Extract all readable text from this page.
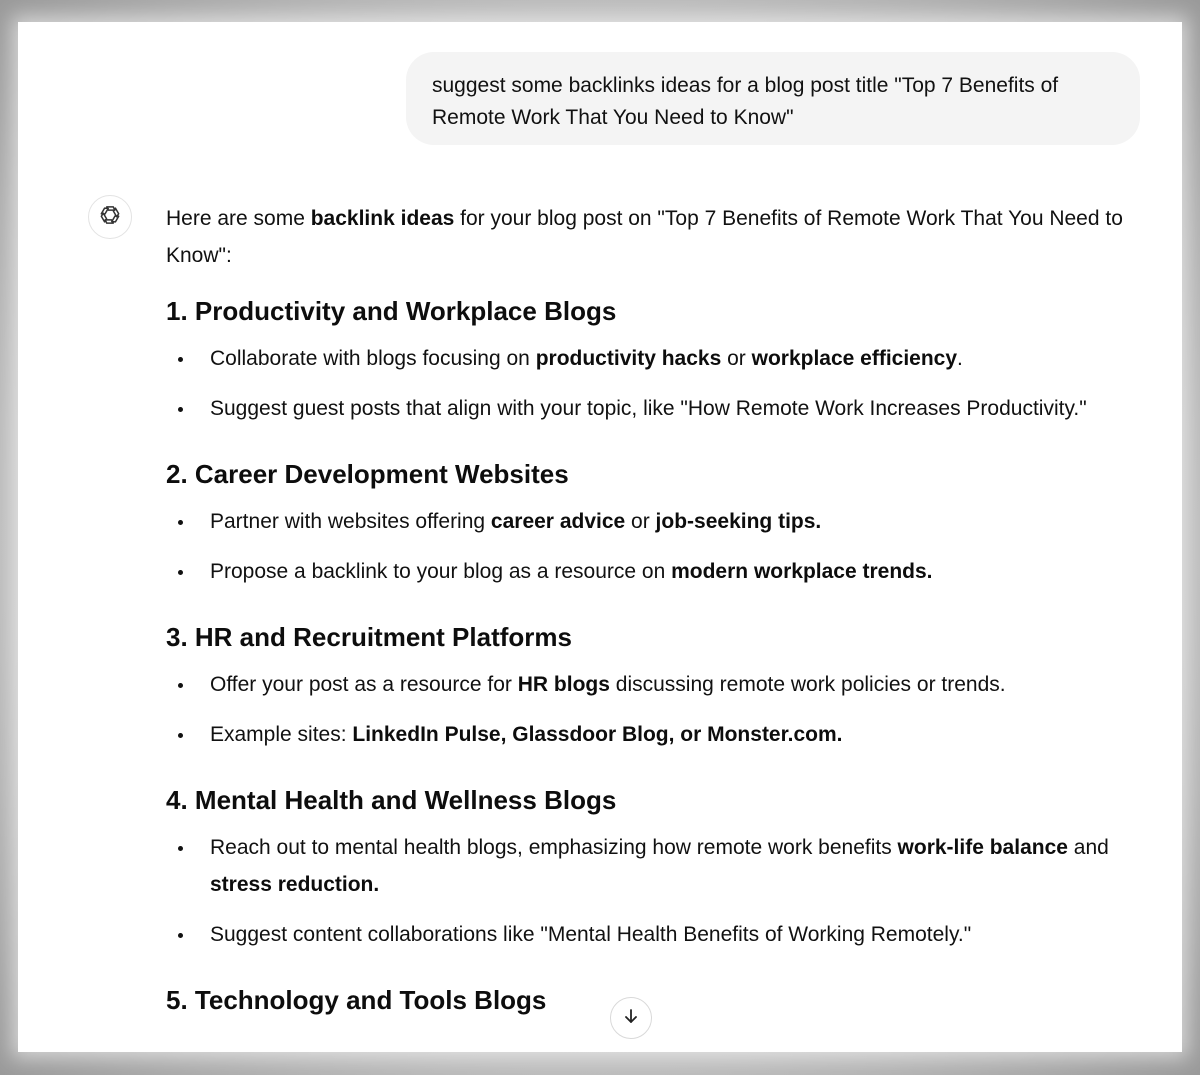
suggest some backlinks ideas for a blog post title "Top 7 Benefits of Remote Work That You Need to Know"

Here are some backlink ideas for your blog post on "Top 7 Benefits of Remote Work That You Need to Know":

1. Productivity and Workplace Blogs
Collaborate with blogs focusing on productivity hacks or workplace efficiency.
Suggest guest posts that align with your topic, like "How Remote Work Increases Productivity."
2. Career Development Websites
Partner with websites offering career advice or job-seeking tips.
Propose a backlink to your blog as a resource on modern workplace trends.
3. HR and Recruitment Platforms
Offer your post as a resource for HR blogs discussing remote work policies or trends.
Example sites: LinkedIn Pulse, Glassdoor Blog, or Monster.com.
4. Mental Health and Wellness Blogs
Reach out to mental health blogs, emphasizing how remote work benefits work-life balance and stress reduction.
Suggest content collaborations like "Mental Health Benefits of Working Remotely."
5. Technology and Tools Blogs
